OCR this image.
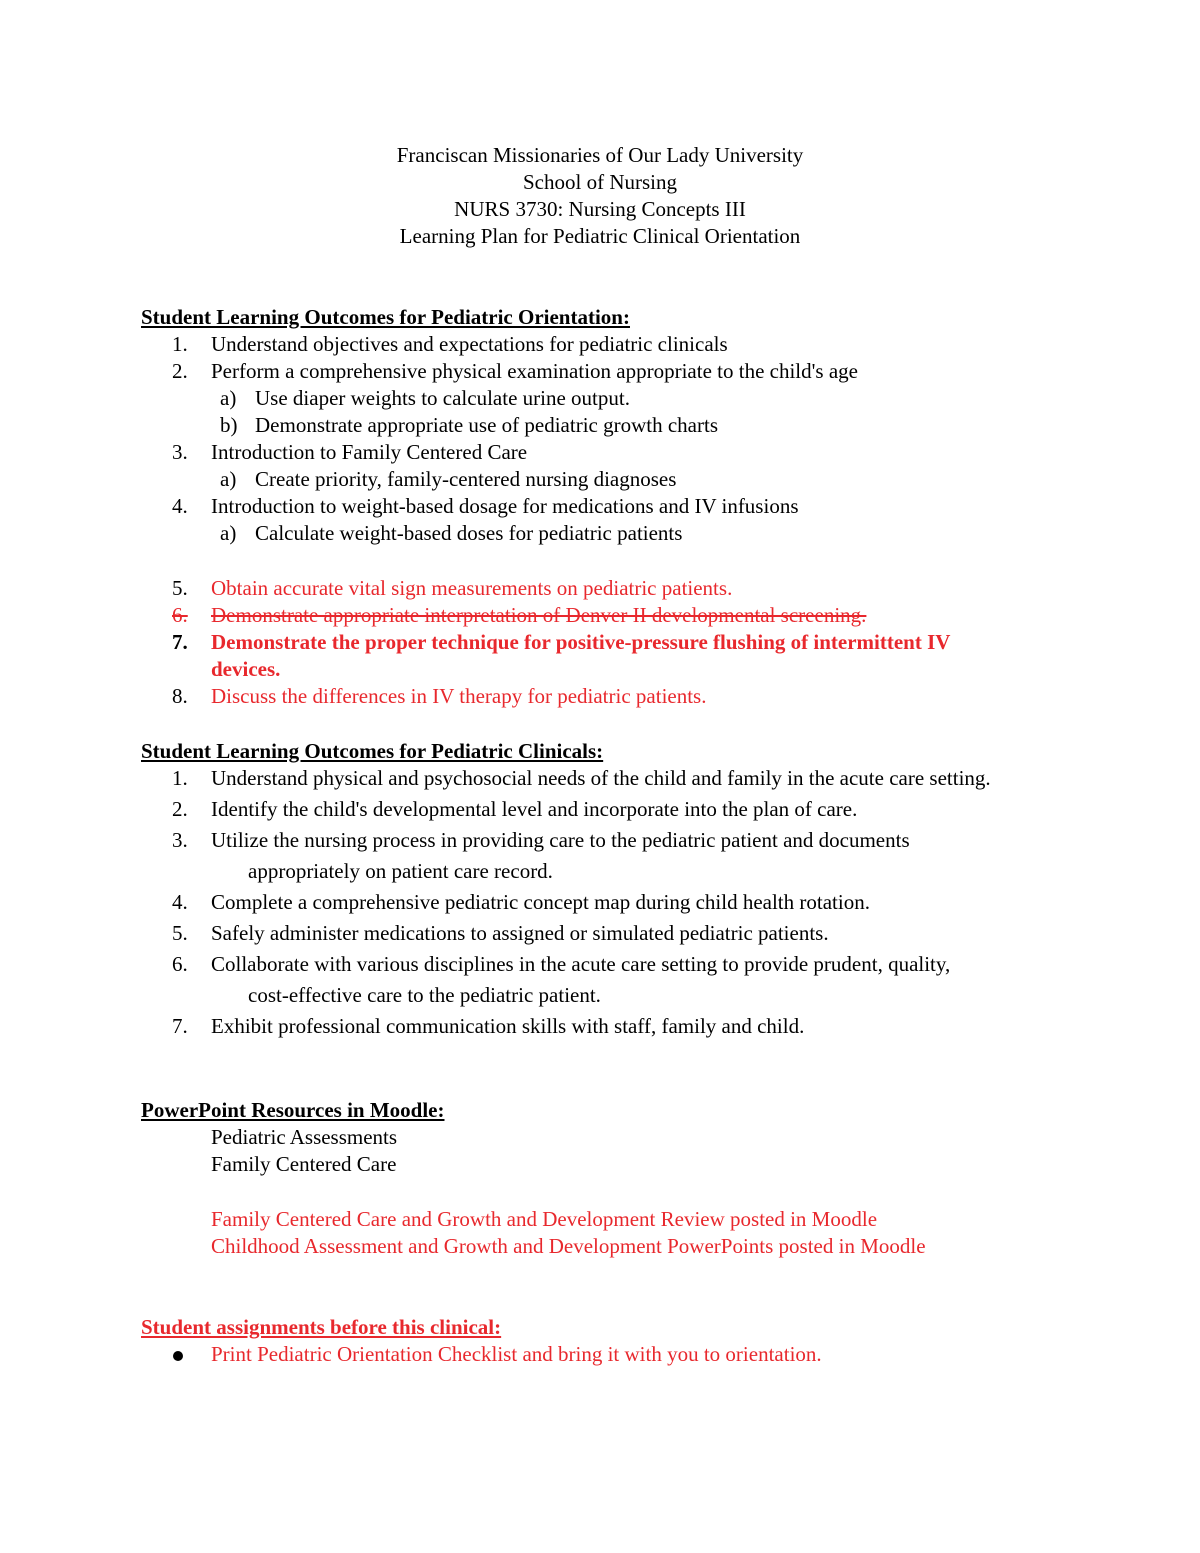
Franciscan Missionaries of Our Lady University
School of Nursing
NURS 3730: Nursing Concepts III
Learning Plan for Pediatric Clinical Orientation
Student Learning Outcomes for Pediatric Orientation:
1.	Understand objectives and expectations for pediatric clinicals
2.	Perform a comprehensive physical examination appropriate to the child's age
a) Use diaper weights to calculate urine output.
b) Demonstrate appropriate use of pediatric growth charts
3.	Introduction to Family Centered Care
a) Create priority, family-centered nursing diagnoses
4.	Introduction to weight-based dosage for medications and IV infusions
a) Calculate weight-based doses for pediatric patients
5.	Obtain accurate vital sign measurements on pediatric patients.
6.	Demonstrate appropriate interpretation of Denver II developmental screening.
7.	Demonstrate the proper technique for positive-pressure flushing of intermittent IV
devices.
8.	Discuss the differences in IV therapy for pediatric patients.
Student Learning Outcomes for Pediatric Clinicals:
1.	Understand physical and psychosocial needs of the child and family in the acute care setting.
2.	Identify the child's developmental level and incorporate into the plan of care.
3.	Utilize the nursing process in providing care to the pediatric patient and documents
appropriately on patient care record.
4.	Complete a comprehensive pediatric concept map during child health rotation.
5.	Safely administer medications to assigned or simulated pediatric patients.
6.	Collaborate with various disciplines in the acute care setting to provide prudent, quality,
cost-effective care to the pediatric patient.
7.	Exhibit professional communication skills with staff, family and child.
PowerPoint Resources in Moodle:
Pediatric Assessments
Family Centered Care
Family Centered Care and Growth and Development Review posted in Moodle
Childhood Assessment and Growth and Development PowerPoints posted in Moodle
Student assignments before this clinical:
Print Pediatric Orientation Checklist and bring it with you to orientation.
